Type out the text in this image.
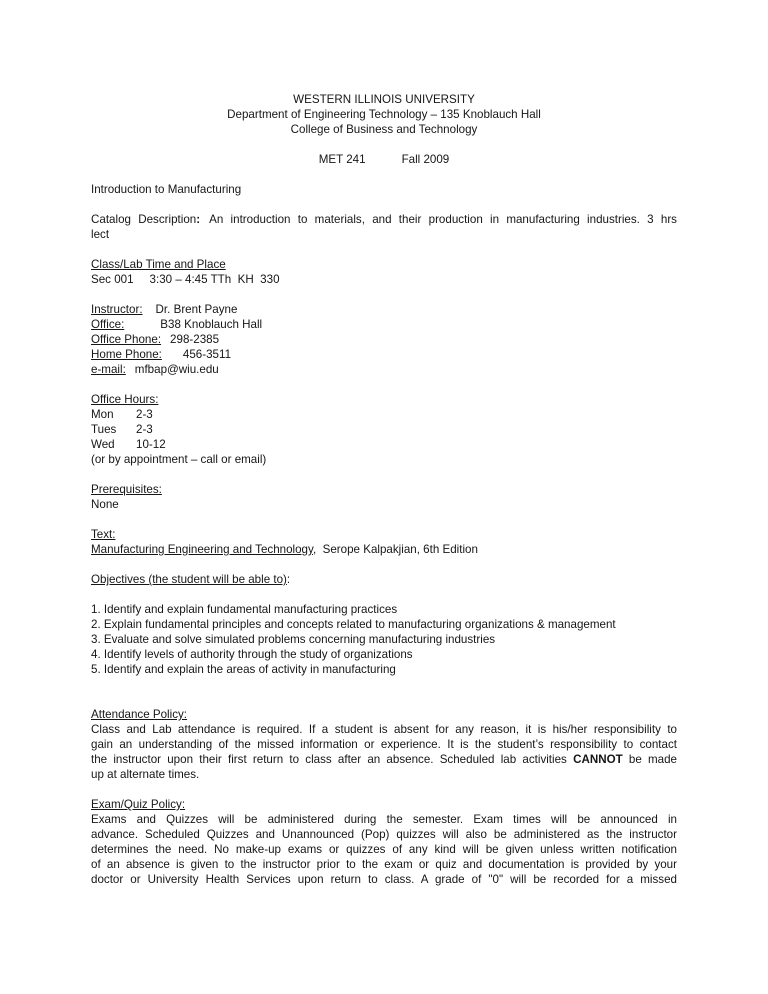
WESTERN ILLINOIS UNIVERSITY
Department of Engineering Technology – 135 Knoblauch Hall
College of Business and Technology
MET 241	Fall 2009
Introduction to Manufacturing
Catalog Description: An introduction to materials, and their production in manufacturing industries. 3 hrs
lect
Class/Lab Time and Place
Sec 001 3:30 – 4:45 TTh  KH  330
Instructor: Dr. Brent Payne
Office:	B38 Knoblauch Hall
Office Phone: 298-2385
Home Phone: 456-3511
e-mail: mfbap@wiu.edu
Office Hours:
Mon 2-3
Tues 2-3
Wed 10-12
(or by appointment – call or email)
Prerequisites:
None
Text:
Manufacturing Engineering and Technology,  Serope Kalpakjian, 6th Edition
Objectives (the student will be able to):
1. Identify and explain fundamental manufacturing practices
2. Explain fundamental principles and concepts related to manufacturing organizations & management
3. Evaluate and solve simulated problems concerning manufacturing industries
4. Identify levels of authority through the study of organizations
5. Identify and explain the areas of activity in manufacturing
Attendance Policy:
Class and Lab attendance is required. If a student is absent for any reason, it is his/her responsibility to
gain an understanding of the missed information or experience. It is the student’s responsibility to contact
the instructor upon their first return to class after an absence. Scheduled lab activities CANNOT be made
up at alternate times.
Exam/Quiz Policy:
Exams and Quizzes will be administered during the semester. Exam times will be announced in
advance. Scheduled Quizzes and Unannounced (Pop) quizzes will also be administered as the instructor
determines the need. No make-up exams or quizzes of any kind will be given unless written notification
of an absence is given to the instructor prior to the exam or quiz and documentation is provided by your
doctor or University Health Services upon return to class. A grade of "0" will be recorded for a missed
